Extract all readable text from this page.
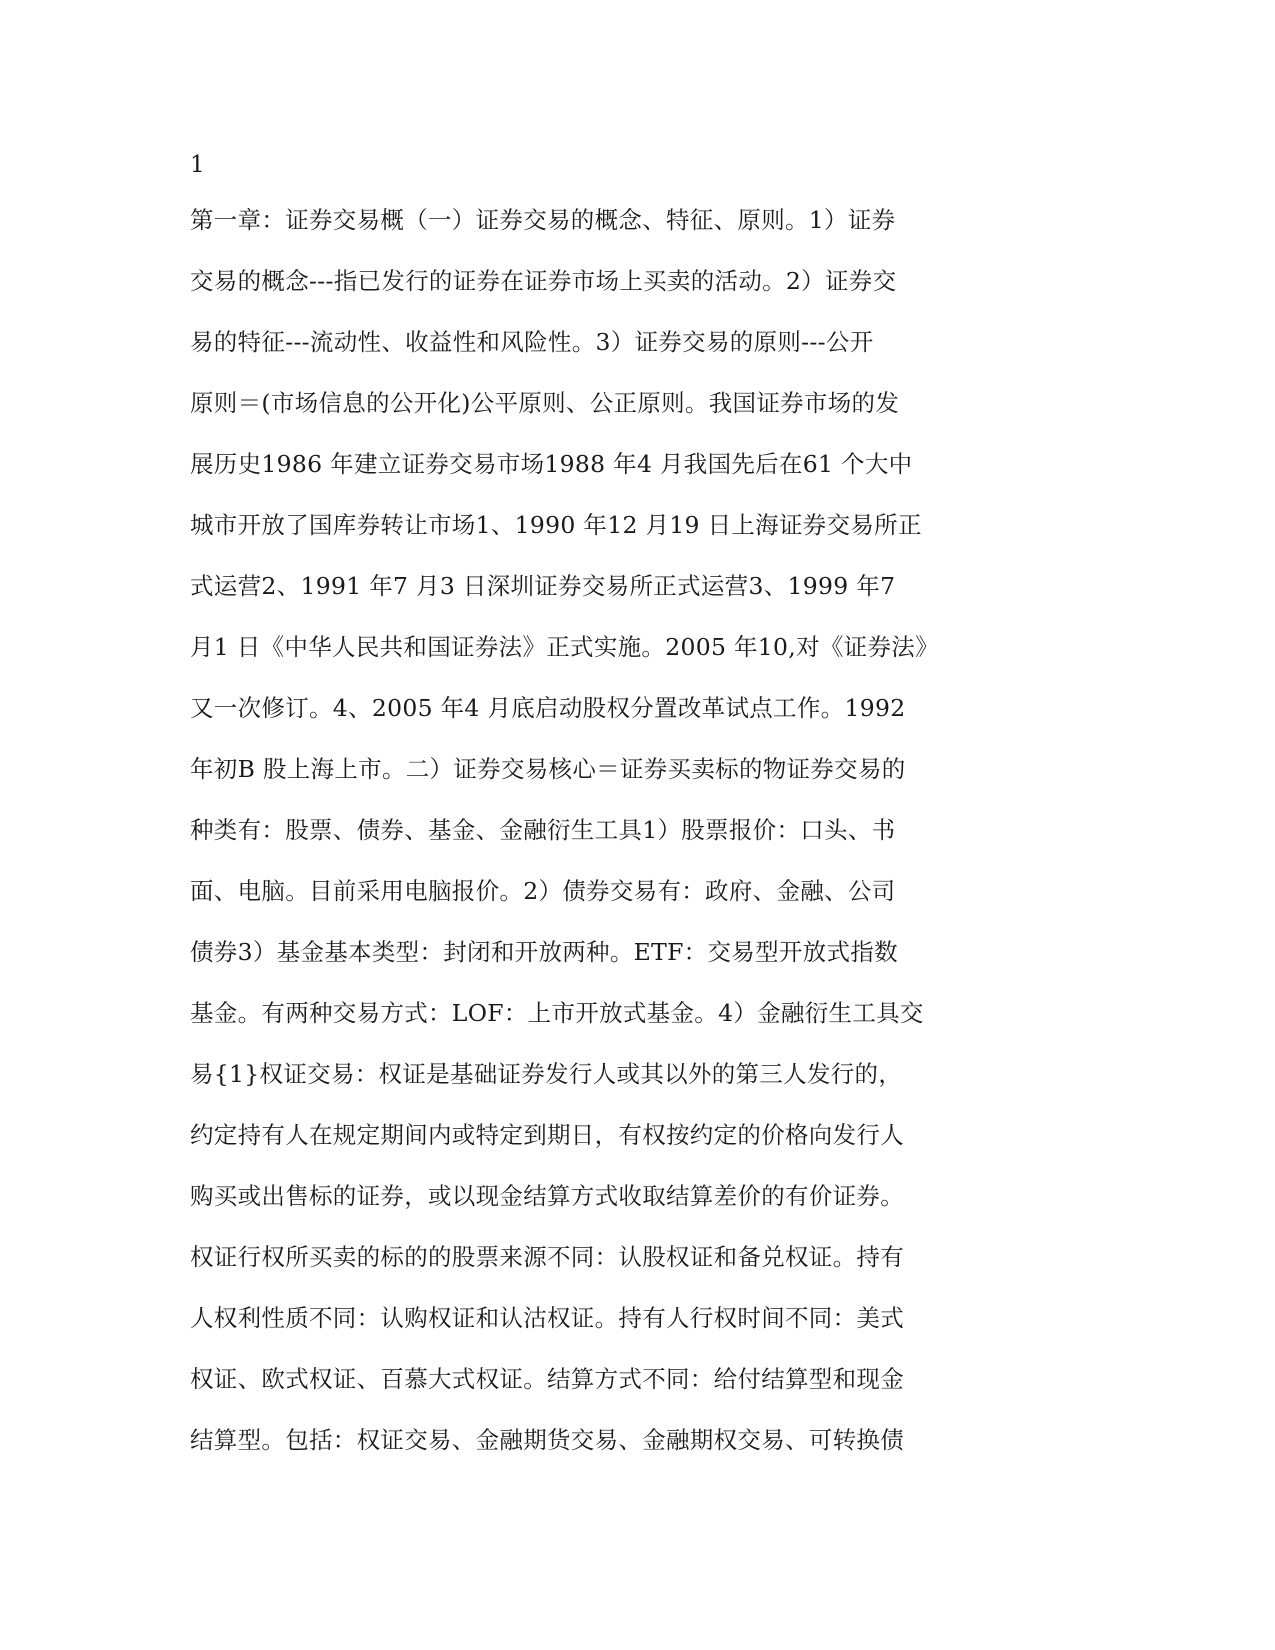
1

第一章：证券交易概（一）证券交易的概念、特征、原则。1）证券
交易的概念---指已发行的证券在证券市场上买卖的活动。2）证券交
易的特征---流动性、收益性和风险性。3）证券交易的原则---公开
原则＝(市场信息的公开化)公平原则、公正原则。我国证券市场的发
展历史1986 年建立证券交易市场1988 年4 月我国先后在61 个大中
城市开放了国库券转让市场1、1990 年12 月19 日上海证券交易所正
式运营2、1991 年7 月3 日深圳证券交易所正式运营3、1999 年7
月1 日《中华人民共和国证券法》正式实施。2005 年10,对《证券法》
又一次修订。4、2005 年4 月底启动股权分置改革试点工作。1992
年初B 股上海上市。二）证券交易核心＝证券买卖标的物证券交易的
种类有：股票、债券、基金、金融衍生工具1）股票报价：口头、书
面、电脑。目前采用电脑报价。2）债券交易有：政府、金融、公司
债券3）基金基本类型：封闭和开放两种。ETF：交易型开放式指数
基金。有两种交易方式：LOF：上市开放式基金。4）金融衍生工具交
易{1}权证交易：权证是基础证券发行人或其以外的第三人发行的，
约定持有人在规定期间内或特定到期日，有权按约定的价格向发行人
购买或出售标的证券，或以现金结算方式收取结算差价的有价证券。
权证行权所买卖的标的的股票来源不同：认股权证和备兑权证。持有
人权利性质不同：认购权证和认沽权证。持有人行权时间不同：美式
权证、欧式权证、百慕大式权证。结算方式不同：给付结算型和现金
结算型。包括：权证交易、金融期货交易、金融期权交易、可转换债
